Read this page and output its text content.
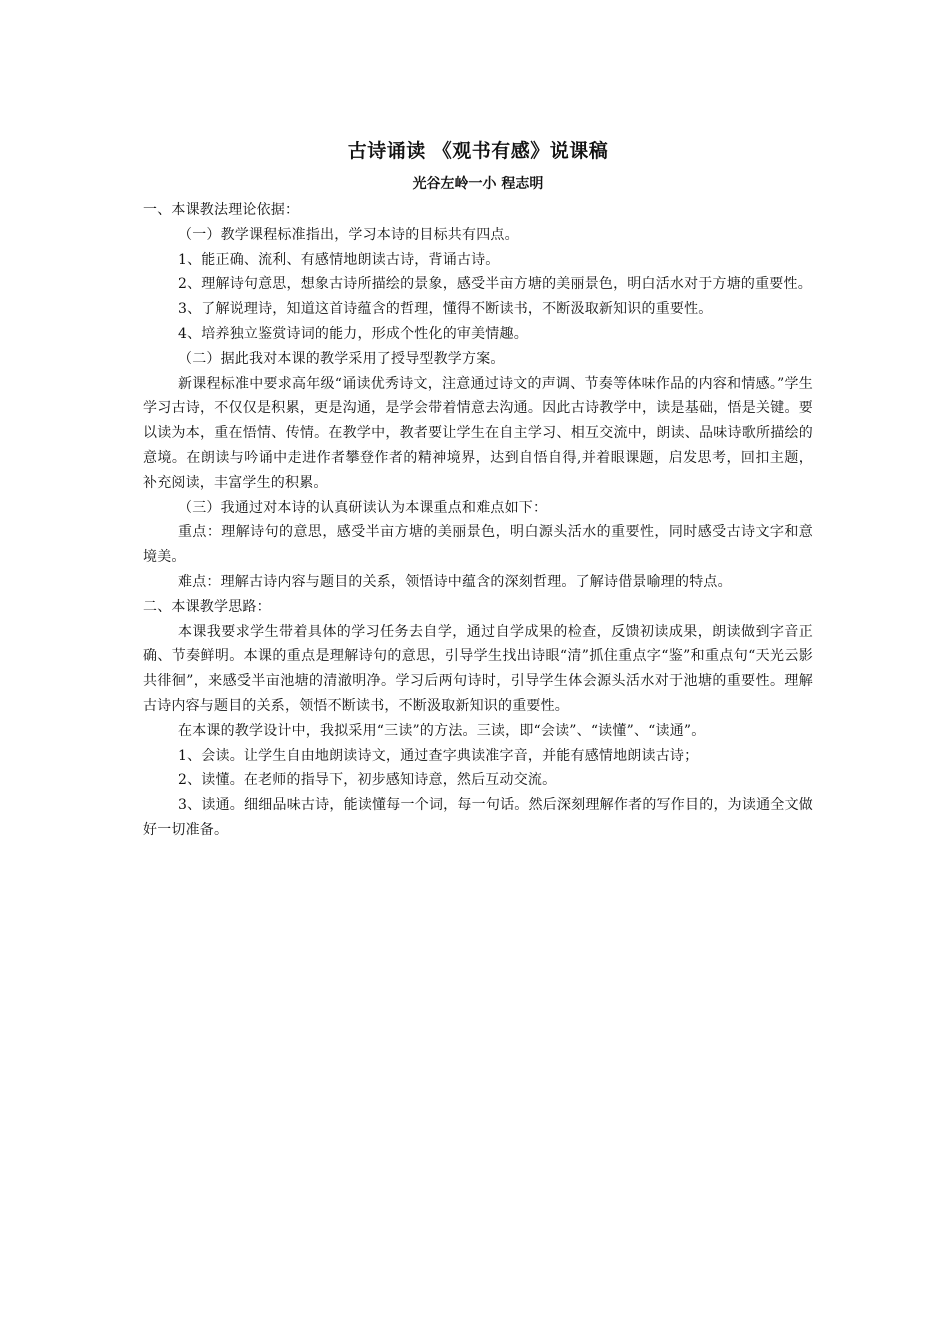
古诗诵读 《观书有感》说课稿
光谷左岭一小 程志明

一、本课教法理论依据：

（一）教学课程标准指出，学习本诗的目标共有四点。

1、能正确、流利、有感情地朗读古诗，背诵古诗。

2、理解诗句意思，想象古诗所描绘的景象，感受半亩方塘的美丽景色，明白活水对于方塘的重要性。

3、了解说理诗，知道这首诗蕴含的哲理，懂得不断读书，不断汲取新知识的重要性。

4、培养独立鉴赏诗词的能力，形成个性化的审美情趣。

（二）据此我对本课的教学采用了授导型教学方案。

新课程标准中要求高年级“诵读优秀诗文，注意通过诗文的声调、节奏等体味作品的内容和情感。”学生学习古诗，不仅仅是积累，更是沟通，是学会带着情意去沟通。因此古诗教学中，读是基础，悟是关键。要以读为本，重在悟情、传情。在教学中，教者要让学生在自主学习、相互交流中，朗读、品味诗歌所描绘的意境。在朗读与吟诵中走进作者攀登作者的精神境界，达到自悟自得,并着眼课题，启发思考，回扣主题，补充阅读，丰富学生的积累。

（三）我通过对本诗的认真研读认为本课重点和难点如下：

重点：理解诗句的意思，感受半亩方塘的美丽景色，明白源头活水的重要性，同时感受古诗文字和意境美。

难点：理解古诗内容与题目的关系，领悟诗中蕴含的深刻哲理。了解诗借景喻理的特点。

二、本课教学思路：

本课我要求学生带着具体的学习任务去自学，通过自学成果的检查，反馈初读成果，朗读做到字音正确、节奏鲜明。本课的重点是理解诗句的意思，引导学生找出诗眼“清”抓住重点字“鉴”和重点句“天光云影共徘徊”，来感受半亩池塘的清澈明净。学习后两句诗时，引导学生体会源头活水对于池塘的重要性。理解古诗内容与题目的关系，领悟不断读书，不断汲取新知识的重要性。

在本课的教学设计中，我拟采用“三读”的方法。三读，即“会读”、“读懂”、“读通”。

1、会读。让学生自由地朗读诗文，通过查字典读准字音，并能有感情地朗读古诗；

2、读懂。在老师的指导下，初步感知诗意，然后互动交流。

3、读通。细细品味古诗，能读懂每一个词，每一句话。然后深刻理解作者的写作目的，为读通全文做好一切准备。
